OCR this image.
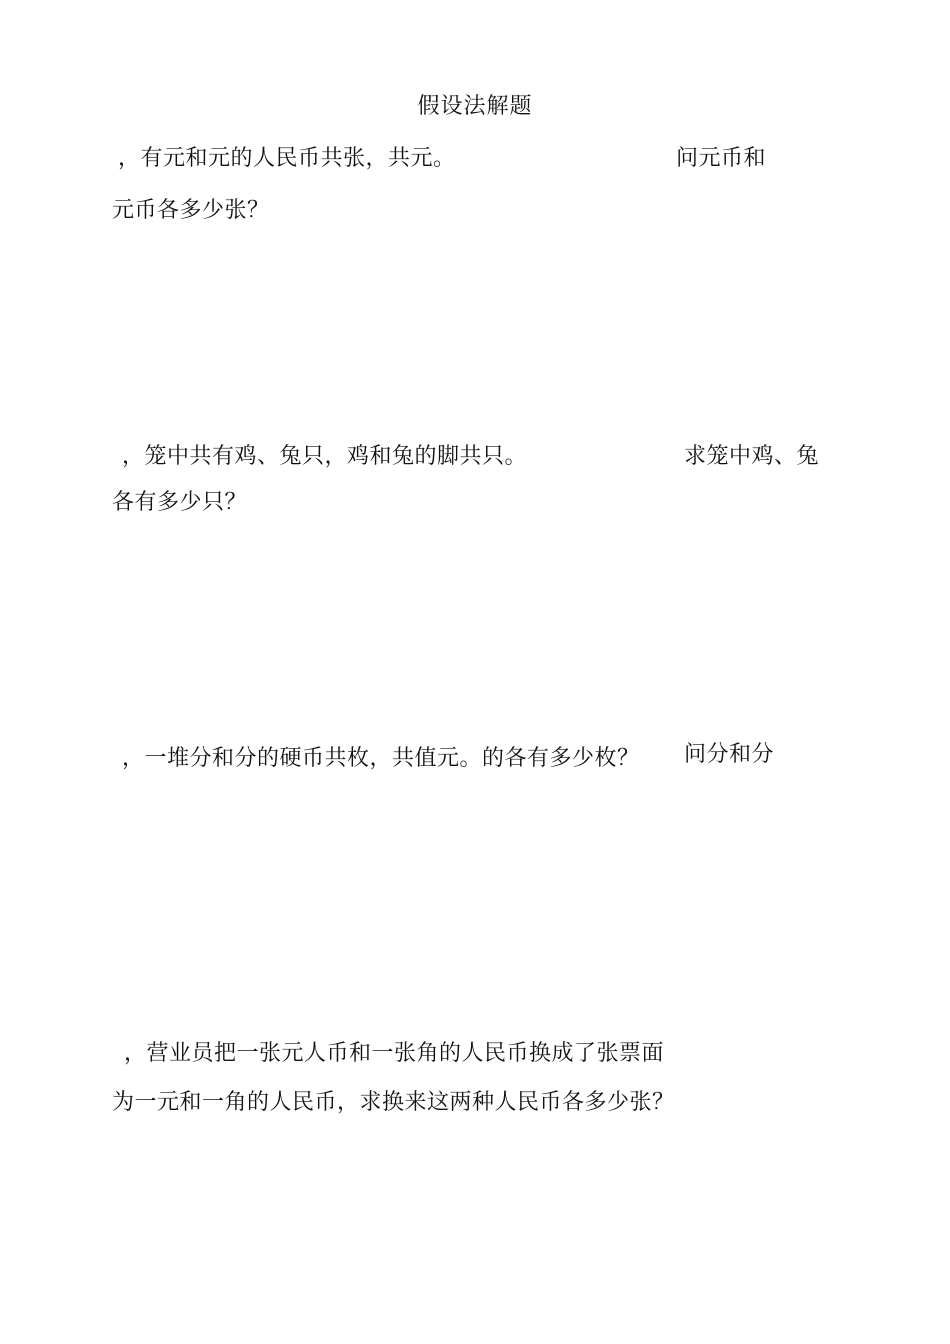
假设法解题
，有元和元的人民币共张，共元。	问元币和
元币各多少张？
，笼中共有鸡、兔只，鸡和兔的脚共只。	求笼中鸡、兔
各有多少只？
，一堆分和分的硬币共枚，共值元。的各有多少枚？ 问分和分
，营业员把一张元人币和一张角的人民币换成了张票面
为一元和一角的人民币，求换来这两种人民币各多少张？
